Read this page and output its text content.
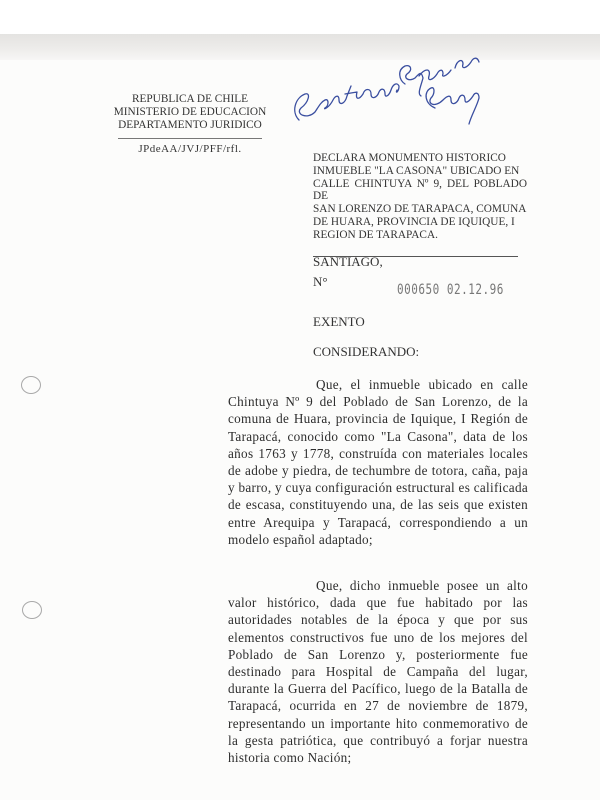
REPUBLICA DE CHILE
MINISTERIO DE EDUCACION
DEPARTAMENTO JURIDICO
JPdeAA/JVJ/PFF/rfl.
DECLARA MONUMENTO HISTORICO
INMUEBLE "LA CASONA" UBICADO EN
CALLE CHINTUYA Nº 9, DEL POBLADO DE
SAN LORENZO DE TARAPACA, COMUNA
DE HUARA, PROVINCIA DE IQUIQUE, I
REGION DE TARAPACA.
SANTIAGO,
N°	000650 02.12.96
EXENTO
CONSIDERANDO:

Que, el inmueble ubicado en calle Chintuya Nº 9 del Poblado de San Lorenzo, de la comuna de Huara, provincia de Iquique, I Región de Tarapacá, conocido como "La Casona", data de los años 1763 y 1778, construída con materiales locales de adobe y piedra, de techumbre de totora, caña, paja y barro, y cuya configuración estructural es calificada de escasa, constituyendo una, de las seis que existen entre Arequipa y Tarapacá, correspondiendo a un modelo español adaptado;

Que, dicho inmueble posee un alto valor histórico, dada que fue habitado por las autoridades notables de la época y que por sus elementos constructivos fue uno de los mejores del Poblado de San Lorenzo y, posteriormente fue destinado para Hospital de Campaña del lugar, durante la Guerra del Pacífico, luego de la Batalla de Tarapacá, ocurrida en 27 de noviembre de 1879, representando un importante hito conmemorativo de la gesta patriótica, que contribuyó a forjar nuestra historia como Nación;
